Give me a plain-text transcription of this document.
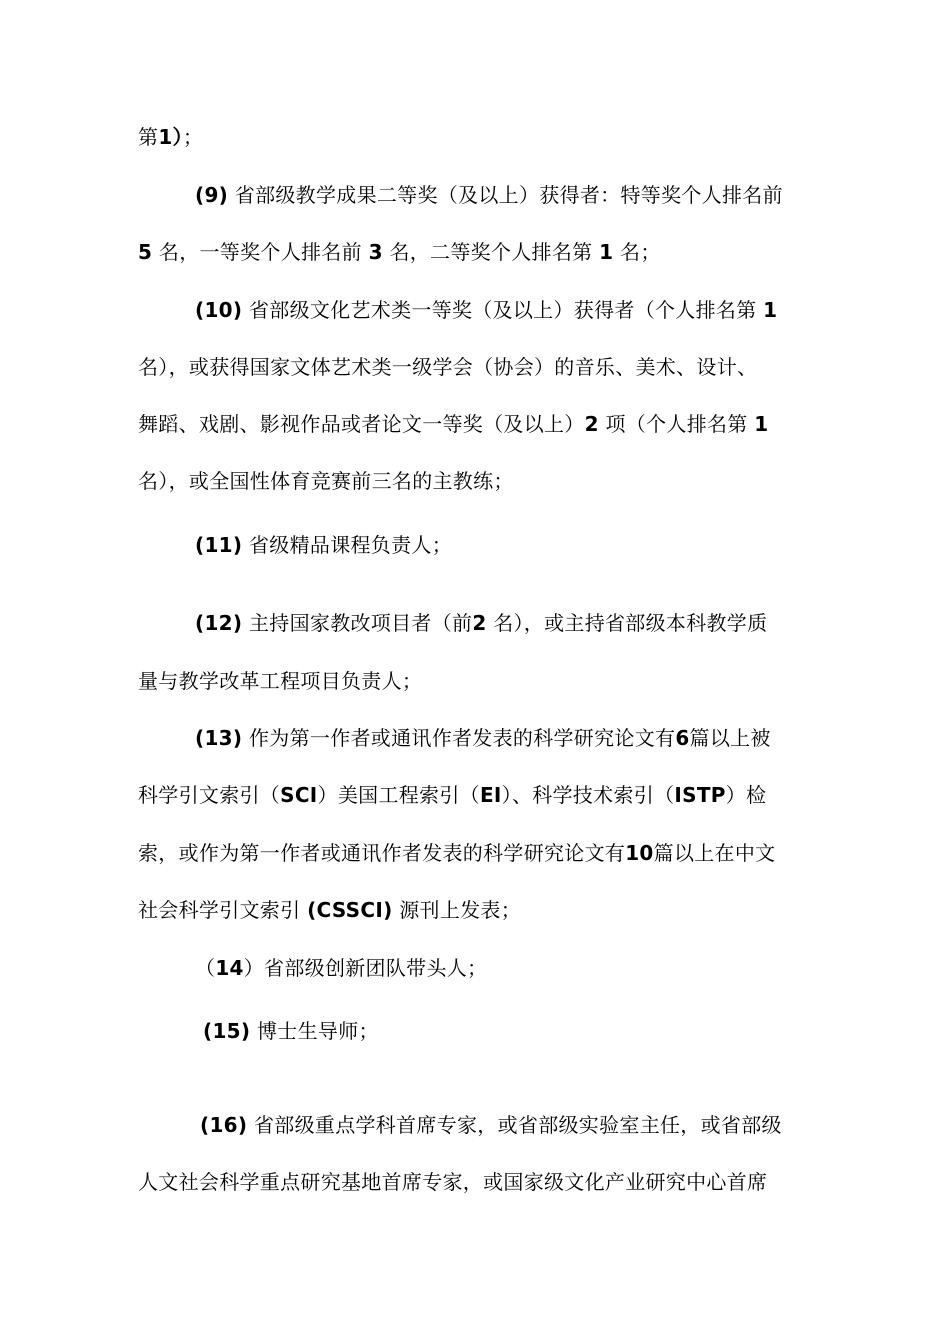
第1）；
(9) 省部级教学成果二等奖（及以上）获得者：特等奖个人排名前
5 名，一等奖个人排名前 3 名，二等奖个人排名第 1 名；
(10) 省部级文化艺术类一等奖（及以上）获得者（个人排名第 1
名），或获得国家文体艺术类一级学会（协会）的音乐、美术、设计、
舞蹈、戏剧、影视作品或者论文一等奖（及以上）2 项（个人排名第 1
名），或全国性体育竞赛前三名的主教练；
(11) 省级精品课程负责人；
(12) 主持国家教改项目者（前2 名），或主持省部级本科教学质
量与教学改革工程项目负责人；
(13) 作为第一作者或通讯作者发表的科学研究论文有6篇以上被
科学引文索引（SCI）美国工程索引（EI）、科学技术索引（ISTP）检
索，或作为第一作者或通讯作者发表的科学研究论文有10篇以上在中文
社会科学引文索引 (CSSCI) 源刊上发表；
（14）省部级创新团队带头人；
(15) 博士生导师；
(16) 省部级重点学科首席专家，或省部级实验室主任，或省部级
人文社会科学重点研究基地首席专家，或国家级文化产业研究中心首席
